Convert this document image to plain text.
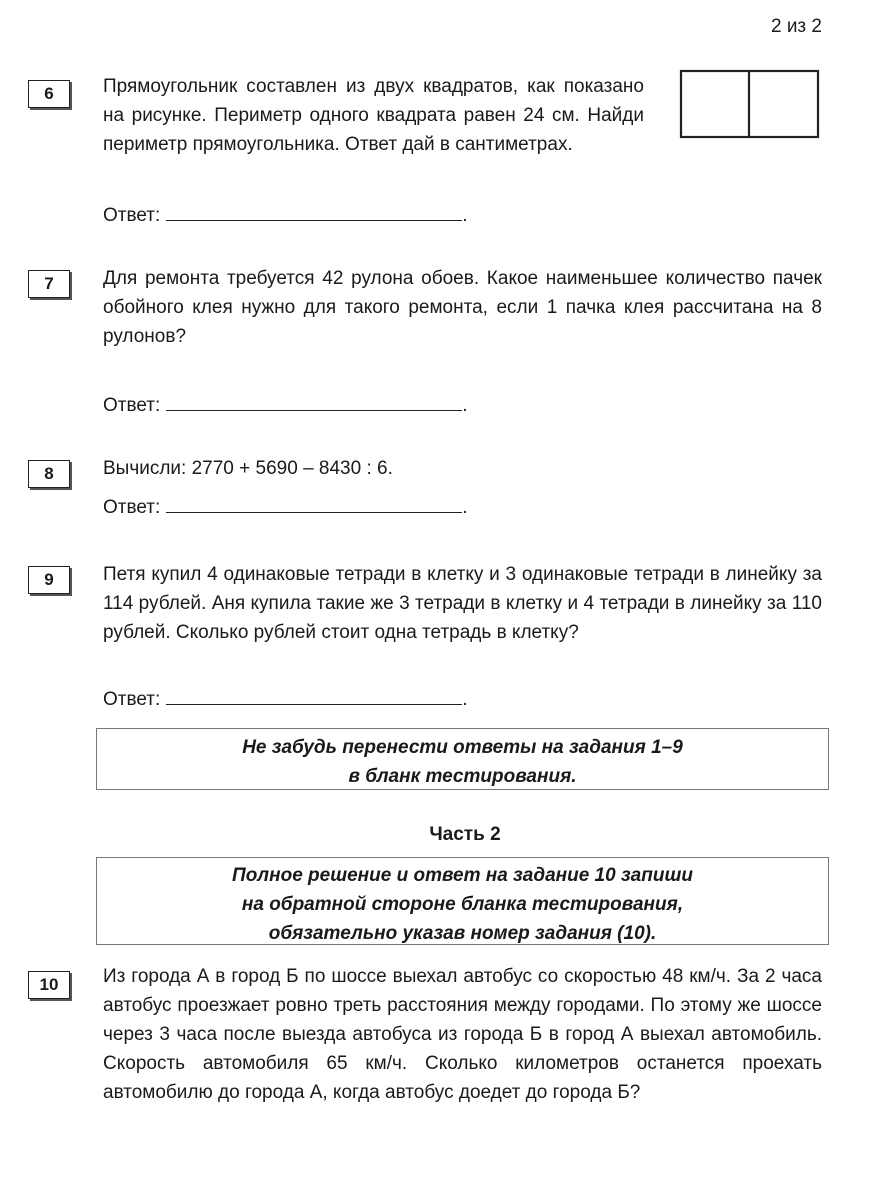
2 из 2
6	Прямоугольник составлен из двух квадратов, как показано на рисунке. Периметр одного квадрата равен 24 см. Найди периметр прямоугольника. Ответ дай в сантиметрах.
Ответ:	.
7	Для ремонта требуется 42 рулона обоев. Какое наименьшее количество пачек обойного клея нужно для такого ремонта, если 1 пачка клея рассчитана на 8 рулонов?
Ответ:	.
8	Вычисли: 2770 + 5690 – 8430 : 6.
Ответ:	.
9	Петя купил 4 одинаковые тетради в клетку и 3 одинаковые тетради в линейку за 114 рублей. Аня купила такие же 3 тетради в клетку и 4 тетради в линейку за 110 рублей. Сколько рублей стоит одна тетрадь в клетку?
Ответ:	.
Не забудь перенести ответы на задания 1–9
в бланк тестирования.
Часть 2
Полное решение и ответ на задание 10 запиши
на обратной стороне бланка тестирования,
обязательно указав номер задания (10).
10	Из города А в город Б по шоссе выехал автобус со скоростью 48 км/ч. За 2 часа автобус проезжает ровно треть расстояния между городами. По этому же шоссе через 3 часа после выезда автобуса из города Б в город А выехал автомобиль. Скорость автомобиля 65 км/ч. Сколько километров останется проехать автомобилю до города А, когда автобус доедет до города Б?
